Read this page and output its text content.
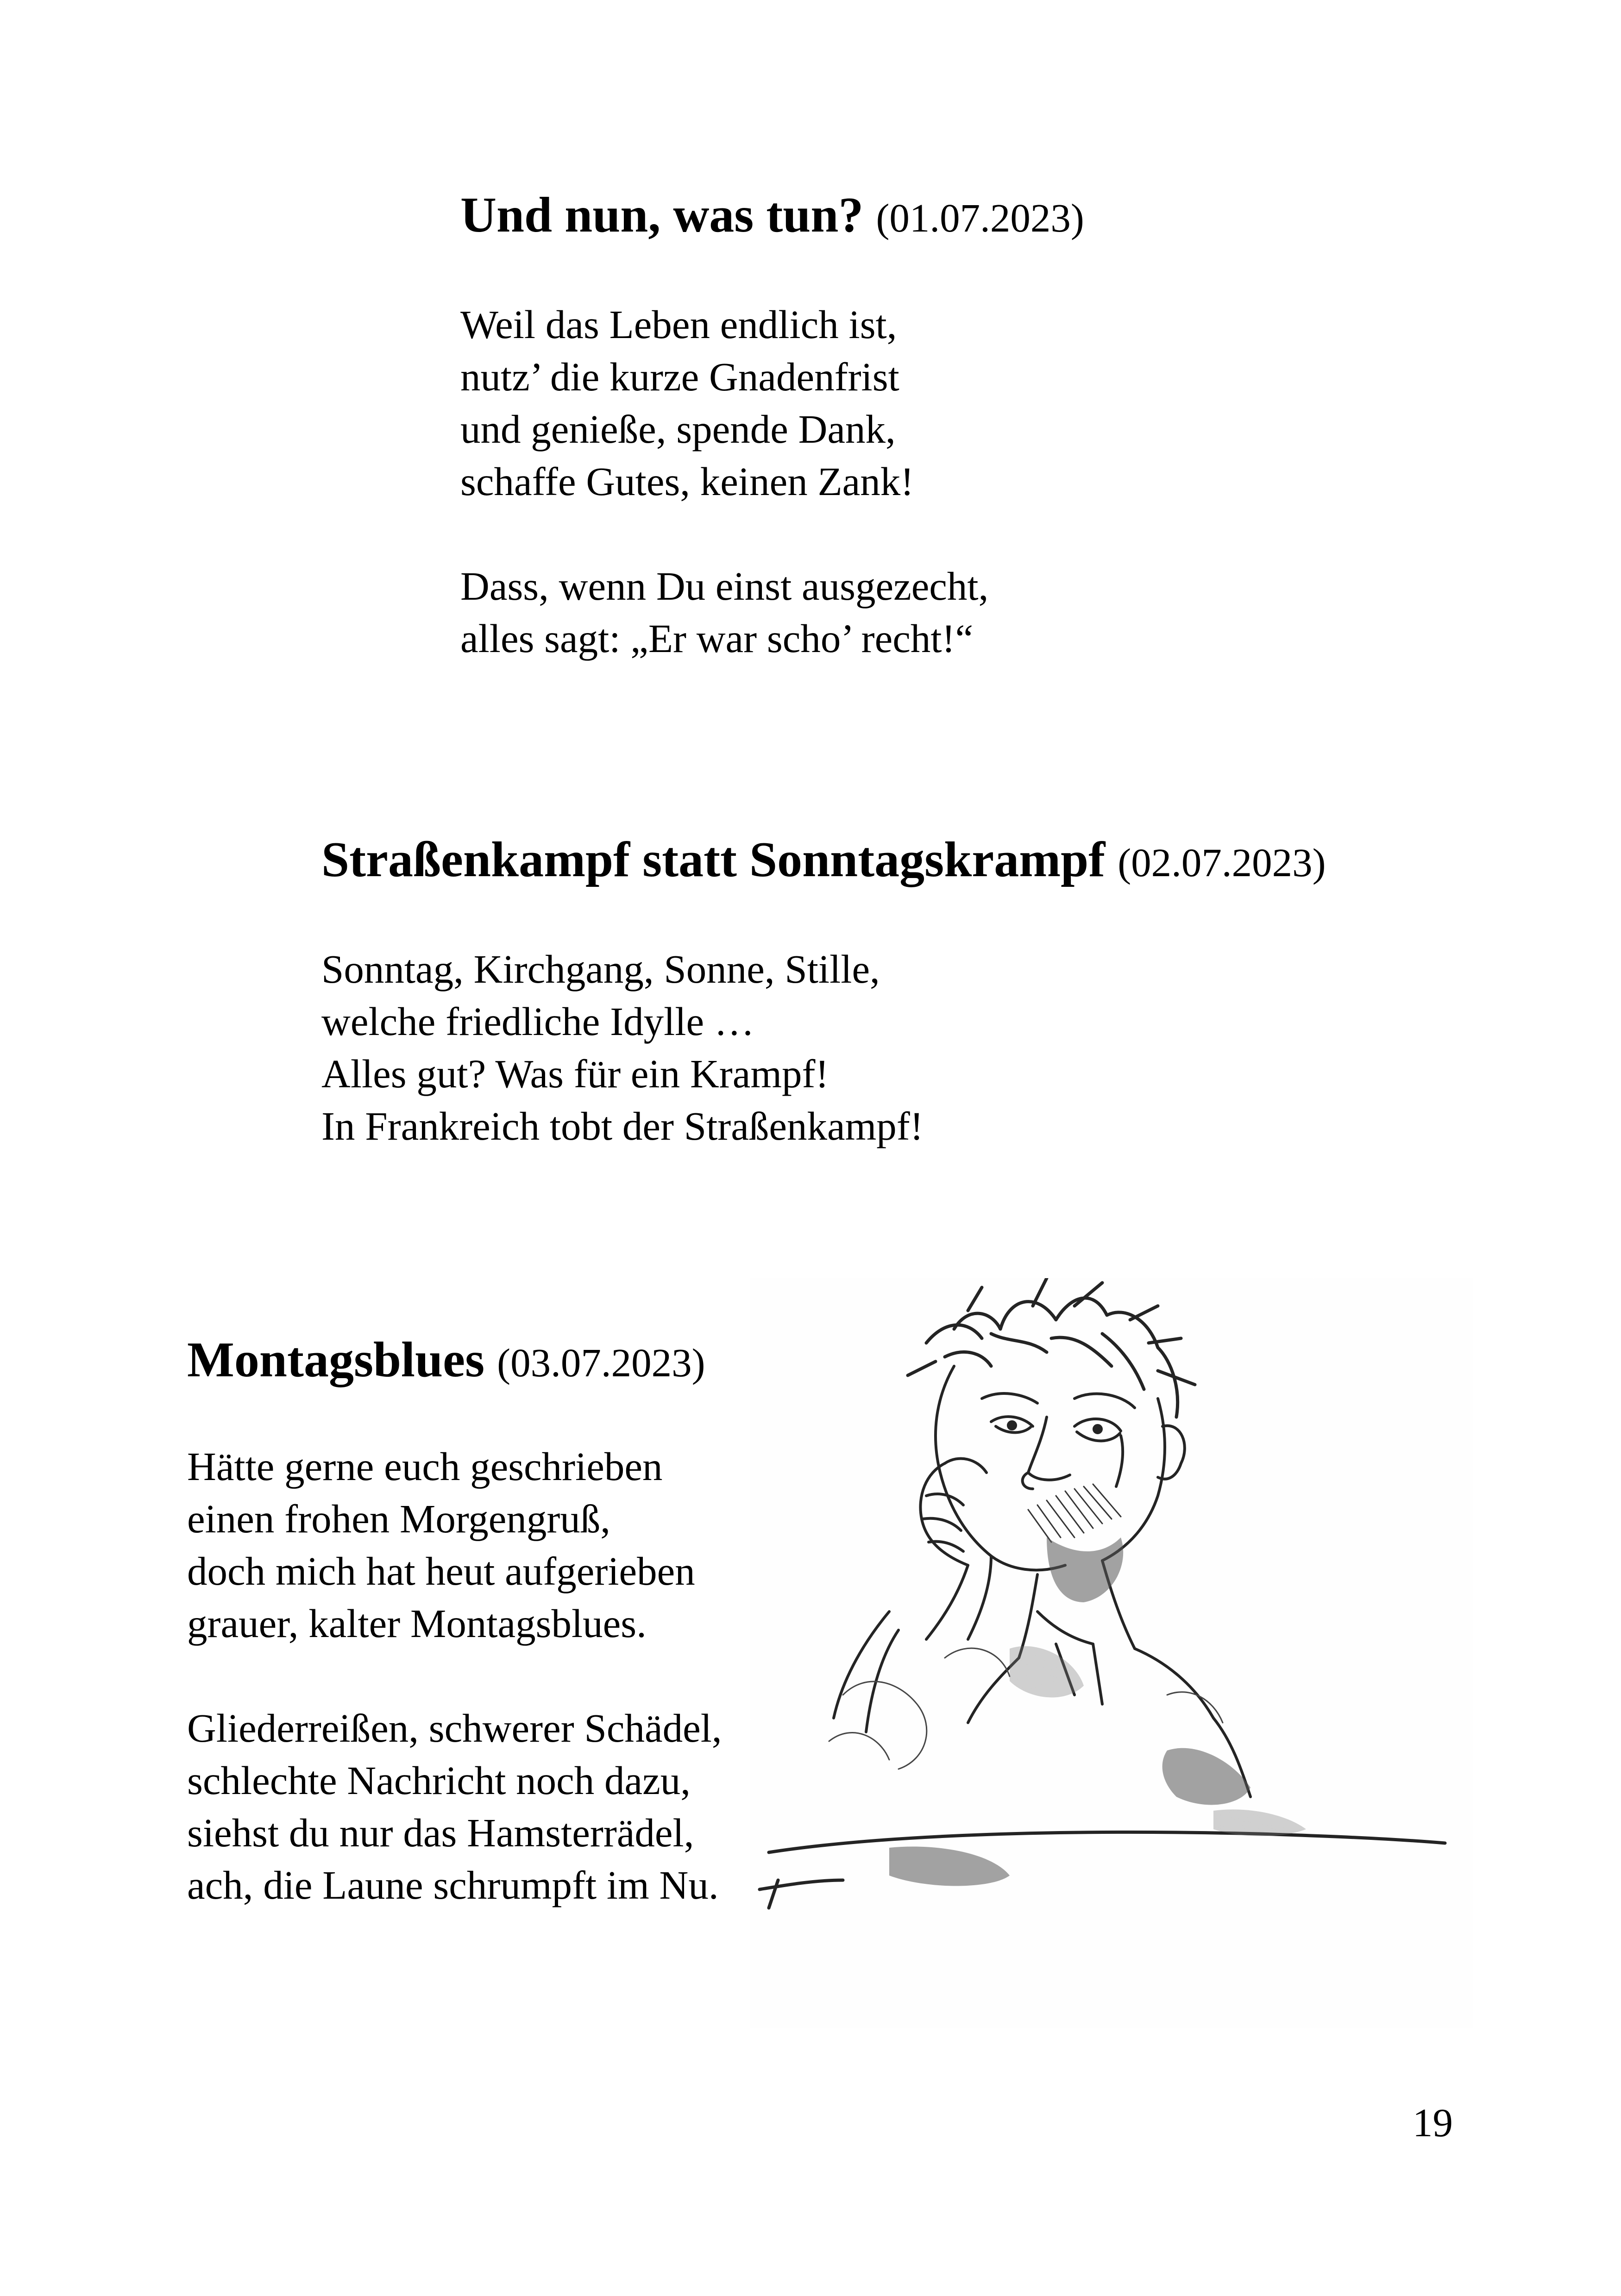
Und nun, was tun? (01.07.2023)

Weil das Leben endlich ist,
nutz’ die kurze Gnadenfrist
und genieße, spende Dank,
schaffe Gutes, keinen Zank!

Dass, wenn Du einst ausgezecht,
alles sagt: „Er war scho’ recht!“

Straßenkampf statt Sonntagskrampf (02.07.2023)

Sonntag, Kirchgang, Sonne, Stille,
welche friedliche Idylle …
Alles gut? Was für ein Krampf!
In Frankreich tobt der Straßenkampf!

Montagsblues (03.07.2023)

Hätte gerne euch geschrieben
einen frohen Morgengruß,
doch mich hat heut aufgerieben
grauer, kalter Montagsblues.

Gliederreißen, schwerer Schädel,
schlechte Nachricht noch dazu,
siehst du nur das Hamsterrädel,
ach, die Laune schrumpft im Nu.

19
